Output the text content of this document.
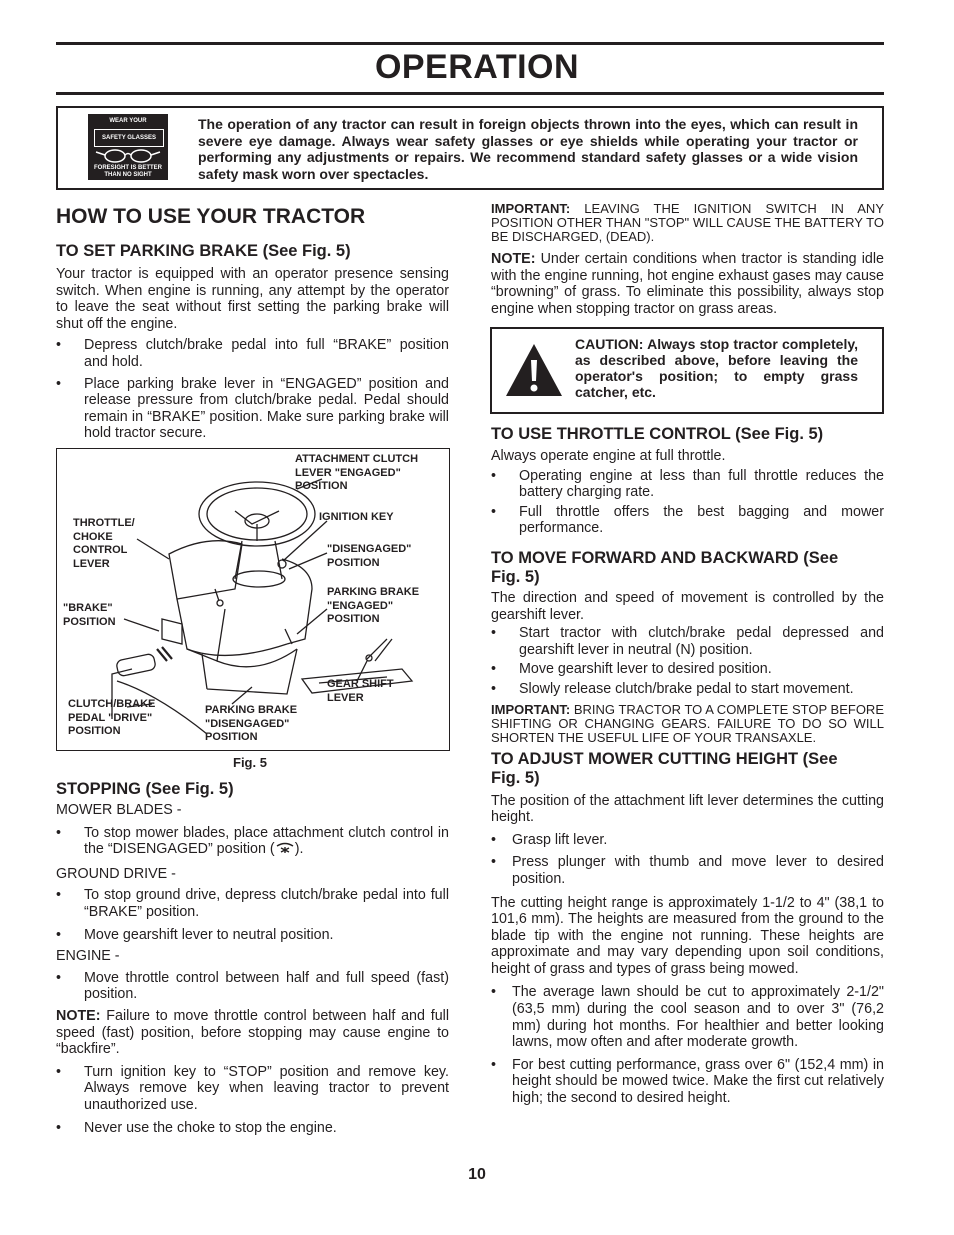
OPERATION
WEAR YOUR
SAFETY GLASSES
FORESIGHT IS BETTER
THAN NO SIGHT
The operation of any tractor can result in foreign objects thrown into the eyes, which can result in severe eye damage. Always wear safety glasses or eye shields while operating your tractor or performing any adjustments or repairs. We recommend standard safety glasses or a wide vision safety mask worn over spectacles.
HOW TO USE YOUR TRACTOR
TO SET PARKING BRAKE (See Fig. 5)

Your tractor is equipped with an operator presence sensing switch. When engine is running, any attempt by the operator to leave the seat without first setting the parking brake will shut off the engine.

• Depress clutch/brake pedal into full “BRAKE” position and hold.
• Place parking brake lever in “ENGAGED” position and release pressure from clutch/brake pedal. Pedal should remain in “BRAKE” position. Make sure parking brake will hold tractor secure.
ATTACHMENT CLUTCH
LEVER "ENGAGED"
POSITION
IGNITION KEY
THROTTLE/
CHOKE
CONTROL
LEVER
"DISENGAGED"
POSITION
"BRAKE"
POSITION
PARKING BRAKE
"ENGAGED"
POSITION
GEAR SHIFT
LEVER
CLUTCH/BRAKE
PEDAL "DRIVE"
POSITION
PARKING BRAKE
"DISENGAGED"
POSITION
Fig. 5
STOPPING (See Fig. 5)

MOWER BLADES -

• To stop mower blades, place attachment clutch control in the “DISENGAGED” position ( ).

GROUND DRIVE -

• To stop ground drive, depress clutch/brake pedal into full “BRAKE” position.
• Move gearshift lever to neutral position.

ENGINE -

• Move throttle control between half and full speed (fast) position.

NOTE: Failure to move throttle control between half and full speed (fast) position, before stopping may cause engine to “backfire”.

• Turn ignition key to “STOP” position and remove key. Always remove key when leaving tractor to prevent unauthorized use.
• Never use the choke to stop the engine.

IMPORTANT: LEAVING THE IGNITION SWITCH IN ANY POSITION OTHER THAN "STOP" WILL CAUSE THE BATTERY TO BE DISCHARGED, (DEAD).

NOTE: Under certain conditions when tractor is standing idle with the engine running, hot engine exhaust gases may cause “browning” of grass. To eliminate this possibility, always stop engine when stopping tractor on grass areas.

CAUTION: Always stop tractor completely, as described above, before leaving the operator's position; to empty grass catcher, etc.
TO USE THROTTLE CONTROL (See Fig. 5)

Always operate engine at full throttle.

• Operating engine at less than full throttle reduces the battery charging rate.
• Full throttle offers the best bagging and mower performance.
TO MOVE FORWARD AND BACKWARD (See Fig. 5)

The direction and speed of movement is controlled by the gearshift lever.

• Start tractor with clutch/brake pedal depressed and gearshift lever in neutral (N) position.
• Move gearshift lever to desired position.
• Slowly release clutch/brake pedal to start movement.

IMPORTANT: BRING TRACTOR TO A COMPLETE STOP BEFORE SHIFTING OR CHANGING GEARS. FAILURE TO DO SO WILL SHORTEN THE USEFUL LIFE OF YOUR TRANSAXLE.

TO ADJUST MOWER CUTTING HEIGHT (See Fig. 5)

The position of the attachment lift lever determines the cutting height.

• Grasp lift lever.
• Press plunger with thumb and move lever to desired position.

The cutting height range is approximately 1-1/2 to 4" (38,1 to 101,6 mm). The heights are measured from the ground to the blade tip with the engine not running. These heights are approximate and may vary depending upon soil conditions, height of grass and types of grass being mowed.

• The average lawn should be cut to approximately 2-1/2" (63,5 mm) during the cool season and to over 3" (76,2 mm) during hot months. For healthier and better looking lawns, mow often and after moderate growth.
• For best cutting performance, grass over 6" (152,4 mm) in height should be mowed twice. Make the first cut relatively high; the second to desired height.
10
